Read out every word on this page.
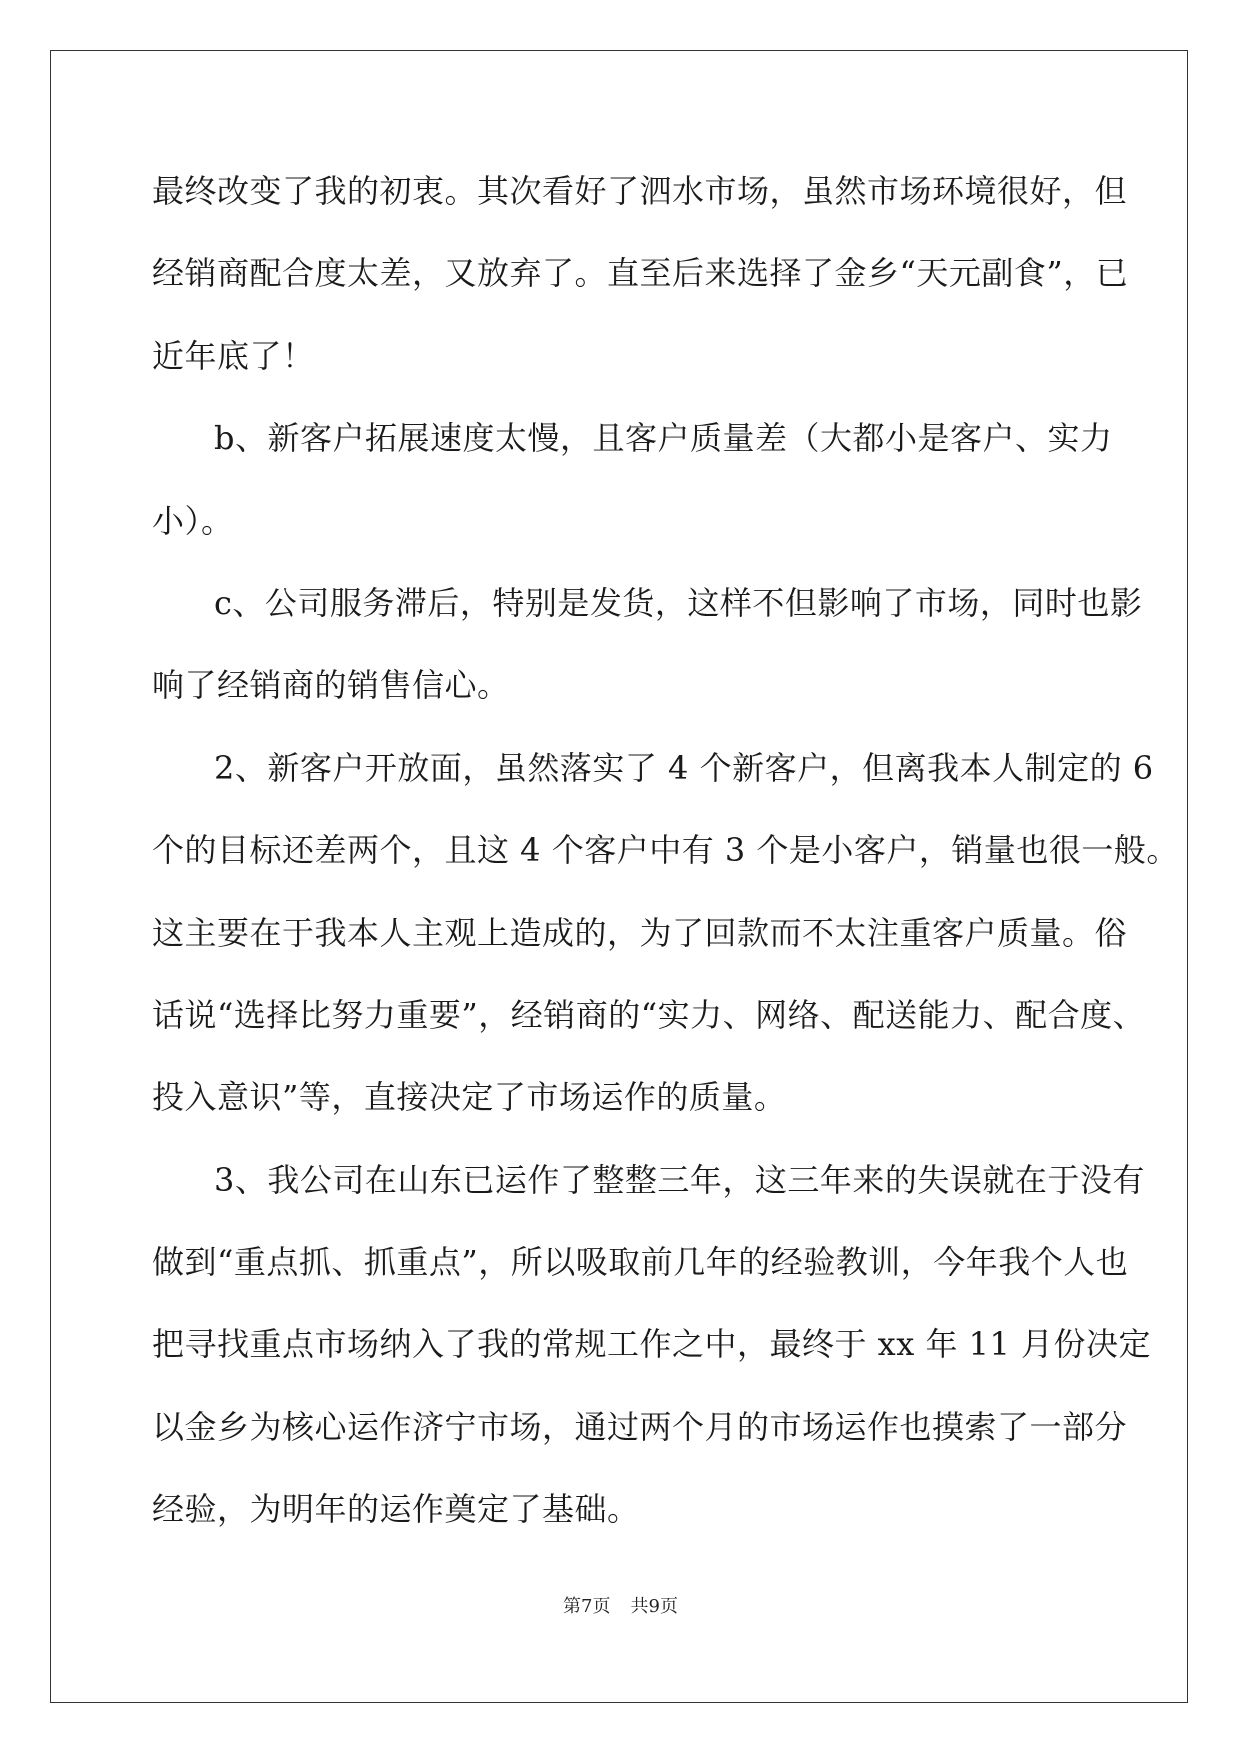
最终改变了我的初衷。其次看好了泗水市场，虽然市场环境很好，但
经销商配合度太差，又放弃了。直至后来选择了金乡“天元副食”，已
近年底了！
b、新客户拓展速度太慢，且客户质量差（大都小是客户、实力
小）。
c、公司服务滞后，特别是发货，这样不但影响了市场，同时也影
响了经销商的销售信心。
2、新客户开放面，虽然落实了 4 个新客户，但离我本人制定的 6
个的目标还差两个，且这 4 个客户中有 3 个是小客户，销量也很一般。
这主要在于我本人主观上造成的，为了回款而不太注重客户质量。俗
话说“选择比努力重要”，经销商的“实力、网络、配送能力、配合度、
投入意识”等，直接决定了市场运作的质量。
3、我公司在山东已运作了整整三年，这三年来的失误就在于没有
做到“重点抓、抓重点”，所以吸取前几年的经验教训，今年我个人也
把寻找重点市场纳入了我的常规工作之中，最终于 xx 年 11 月份决定
以金乡为核心运作济宁市场，通过两个月的市场运作也摸索了一部分
经验，为明年的运作奠定了基础。
第7页 共9页
